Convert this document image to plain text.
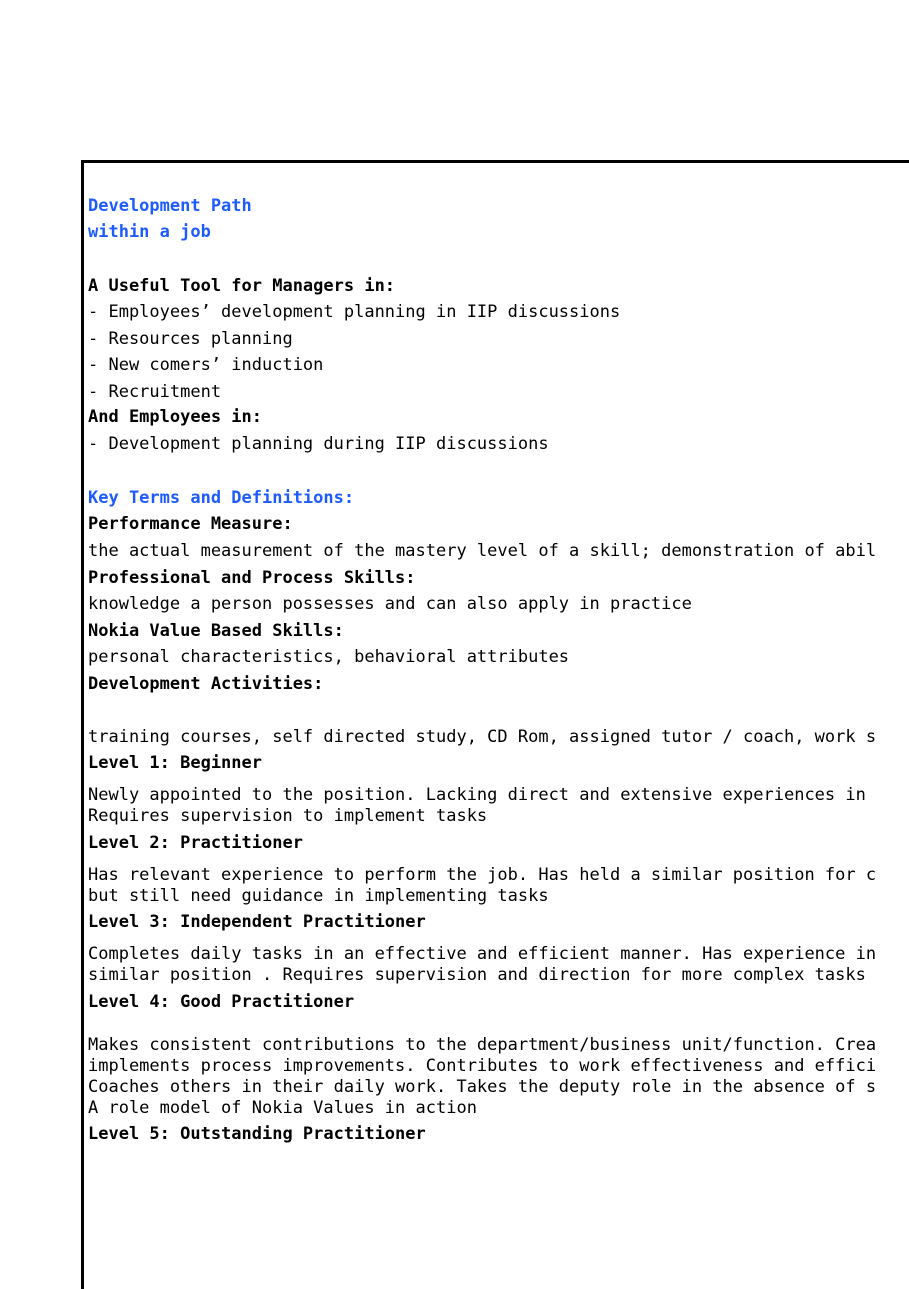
Development Path
within a job
A Useful Tool for Managers in:
- Employees’ development planning in IIP discussions
- Resources planning
- New comers’ induction
- Recruitment
And Employees in:
- Development planning during IIP discussions
Key Terms and Definitions:
Performance Measure:
the actual measurement of the mastery level of a skill; demonstration of abil
Professional and Process Skills:
knowledge a person possesses and can also apply in practice
Nokia Value Based Skills:
personal characteristics, behavioral attributes
Development Activities:
training courses, self directed study, CD Rom, assigned tutor / coach, work s
Level 1: Beginner
Newly appointed to the position. Lacking direct and extensive experiences in
Requires supervision to implement tasks
Level 2: Practitioner
Has relevant experience to perform the job. Has held a similar position for c
but still need guidance in implementing tasks
Level 3: Independent Practitioner
Completes daily tasks in an effective and efficient manner. Has experience in
similar position . Requires supervision and direction for more complex tasks
Level 4: Good Practitioner
Makes consistent contributions to the department/business unit/function. Crea
implements process improvements. Contributes to work effectiveness and effici
Coaches others in their daily work. Takes the deputy role in the absence of s
A role model of Nokia Values in action
Level 5: Outstanding Practitioner
